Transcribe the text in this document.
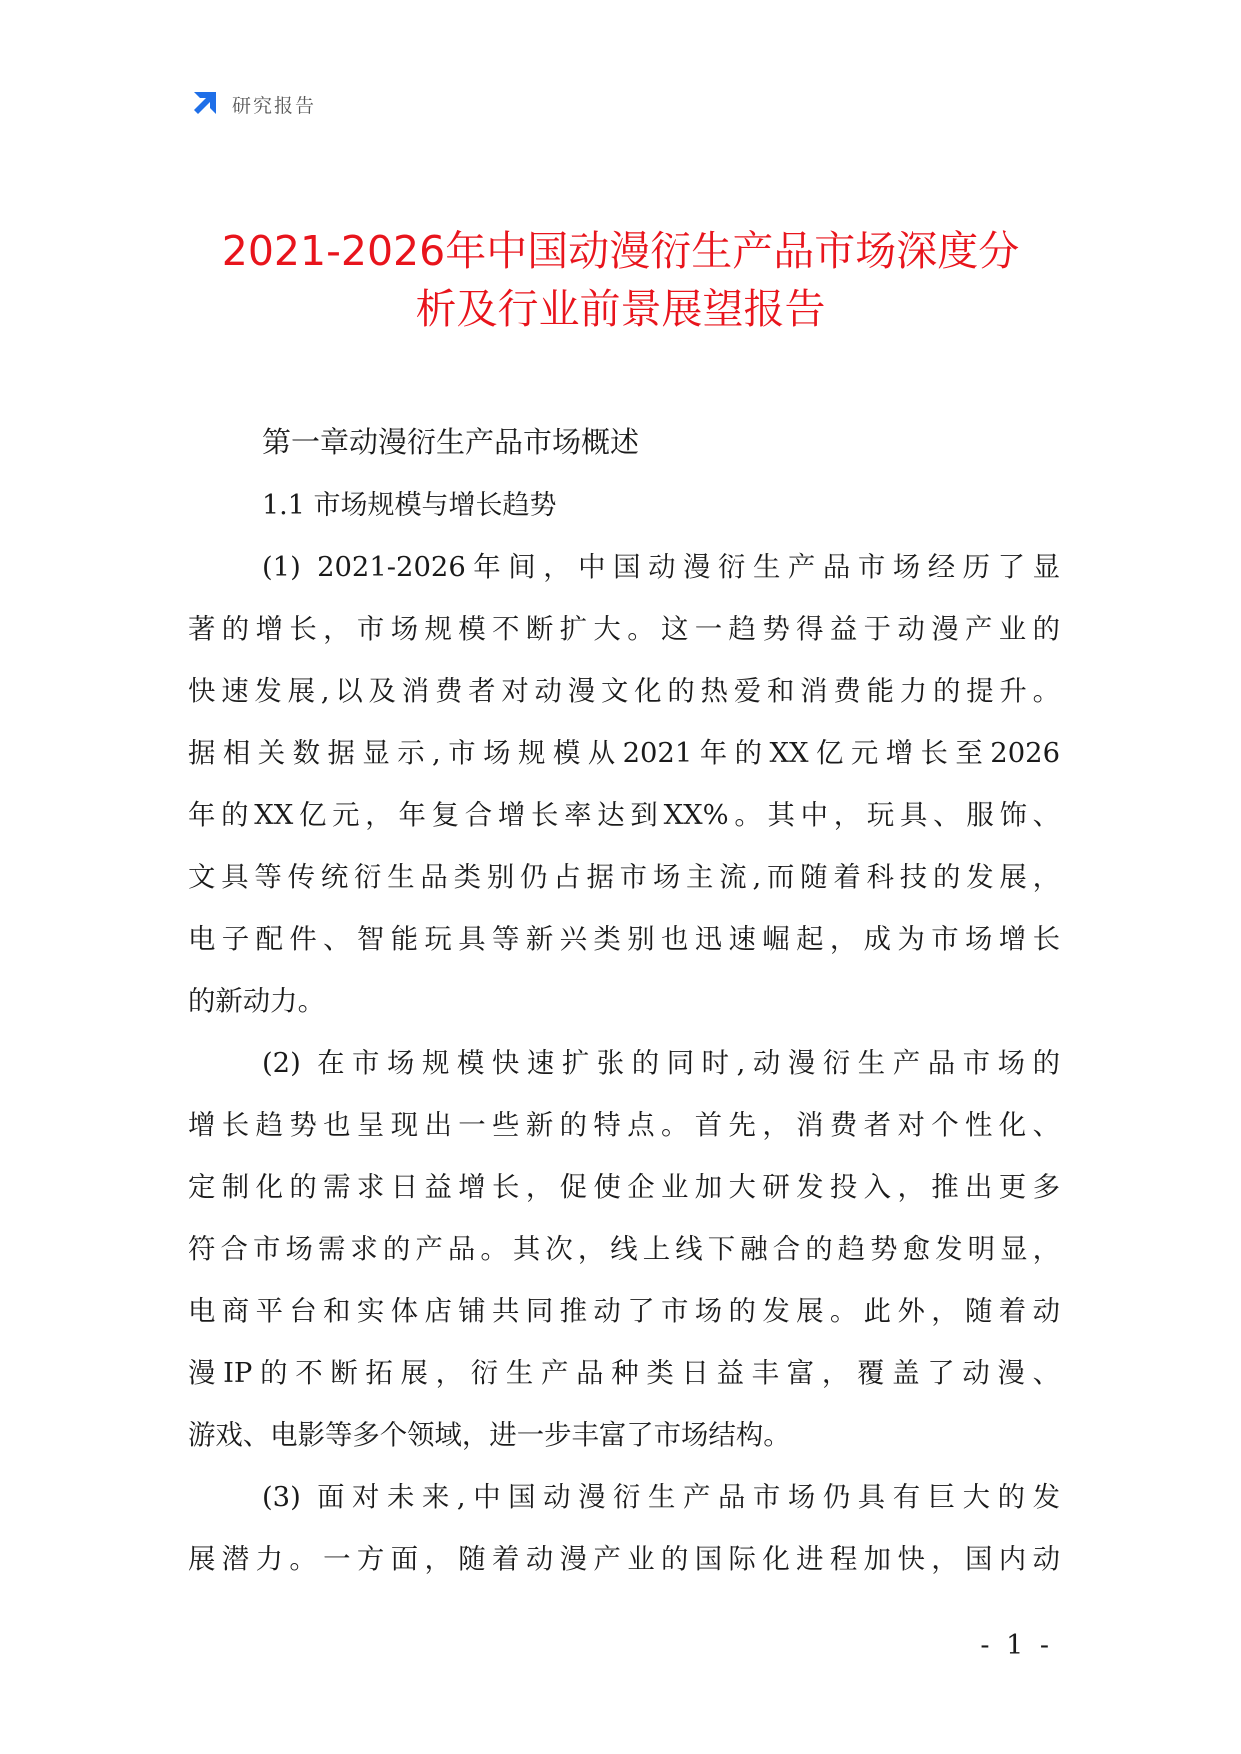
研究报告
2021-2026年中国动漫衍生产品市场深度分
析及行业前景展望报告
第一章动漫衍生产品市场概述
1.1 市场规模与增长趋势
(1) 2021-2026年间，中国动漫衍生产品市场经历了显
著的增长，市场规模不断扩大。这一趋势得益于动漫产业的
快速发展,以及消费者对动漫文化的热爱和消费能力的提升。
据相关数据显示,市场规模从2021年的XX亿元增长至2026
年的XX亿元，年复合增长率达到XX%。其中，玩具、服饰、
文具等传统衍生品类别仍占据市场主流,而随着科技的发展，
电子配件、智能玩具等新兴类别也迅速崛起，成为市场增长
的新动力。
(2) 在市场规模快速扩张的同时,动漫衍生产品市场的
增长趋势也呈现出一些新的特点。首先，消费者对个性化、
定制化的需求日益增长，促使企业加大研发投入，推出更多
符合市场需求的产品。其次，线上线下融合的趋势愈发明显，
电商平台和实体店铺共同推动了市场的发展。此外，随着动
漫IP的不断拓展，衍生产品种类日益丰富，覆盖了动漫、
游戏、电影等多个领域，进一步丰富了市场结构。
(3) 面对未来,中国动漫衍生产品市场仍具有巨大的发
展潜力。一方面，随着动漫产业的国际化进程加快，国内动
- 1 -
